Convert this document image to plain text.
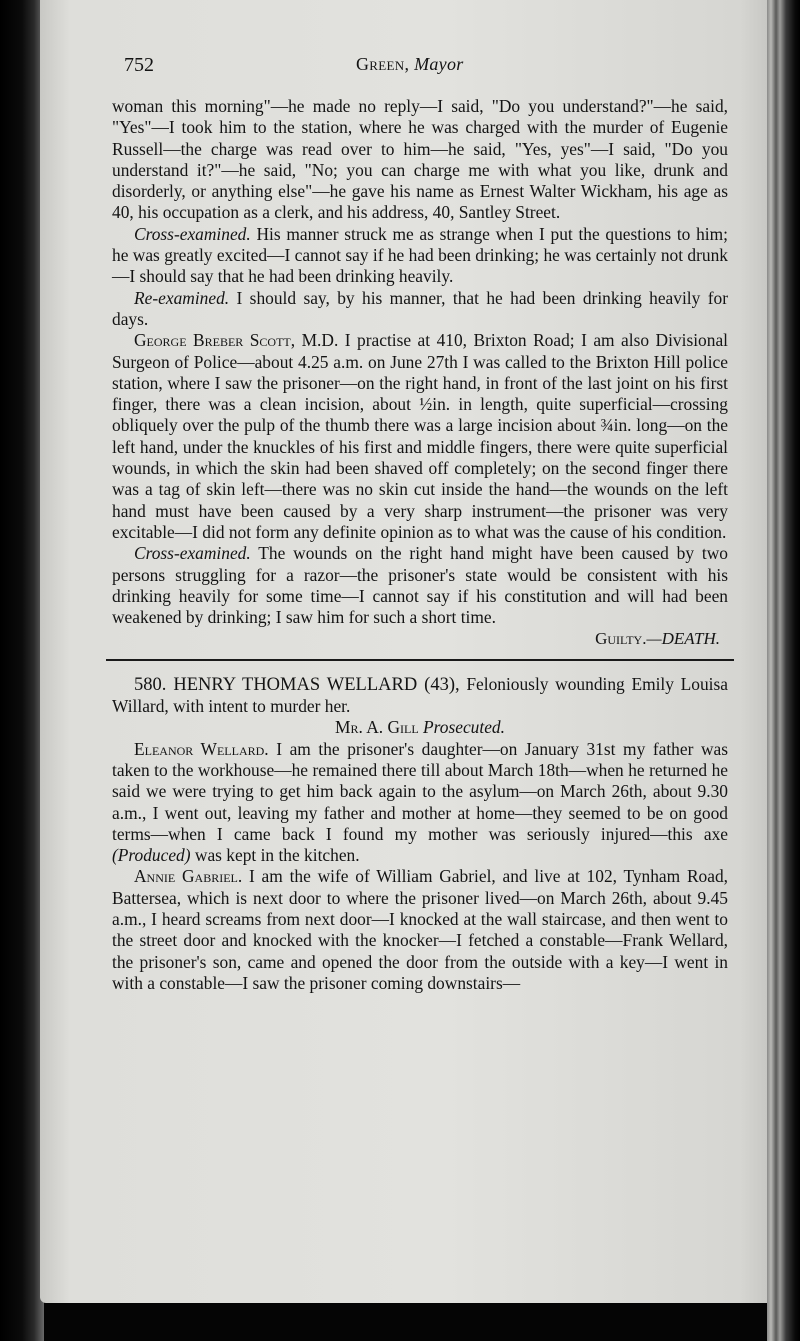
752	Green, Mayor

woman this morning"—he made no reply—I said, "Do you understand?"—he said, "Yes"—I took him to the station, where he was charged with the murder of Eugenie Russell—the charge was read over to him—he said, "Yes, yes"—I said, "Do you understand it?"—he said, "No; you can charge me with what you like, drunk and disorderly, or anything else"—he gave his name as Ernest Walter Wickham, his age as 40, his occupation as a clerk, and his address, 40, Santley Street.

Cross-examined. His manner struck me as strange when I put the questions to him; he was greatly excited—I cannot say if he had been drinking; he was certainly not drunk—I should say that he had been drinking heavily.

Re-examined. I should say, by his manner, that he had been drinking heavily for days.

George Breber Scott, M.D. I practise at 410, Brixton Road; I am also Divisional Surgeon of Police—about 4.25 a.m. on June 27th I was called to the Brixton Hill police station, where I saw the prisoner—on the right hand, in front of the last joint on his first finger, there was a clean incision, about ½in. in length, quite superficial—crossing obliquely over the pulp of the thumb there was a large incision about ¾in. long—on the left hand, under the knuckles of his first and middle fingers, there were quite superficial wounds, in which the skin had been shaved off completely; on the second finger there was a tag of skin left—there was no skin cut inside the hand—the wounds on the left hand must have been caused by a very sharp instrument—the prisoner was very excitable—I did not form any definite opinion as to what was the cause of his condition.

Cross-examined. The wounds on the right hand might have been caused by two persons struggling for a razor—the prisoner's state would be consistent with his drinking heavily for some time—I cannot say if his constitution and will had been weakened by drinking; I saw him for such a short time.

Guilty.—DEATH.

580. HENRY THOMAS WELLARD (43), Feloniously wounding Emily Louisa Willard, with intent to murder her.

Mr. A. Gill Prosecuted.

Eleanor Wellard. I am the prisoner's daughter—on January 31st my father was taken to the workhouse—he remained there till about March 18th—when he returned he said we were trying to get him back again to the asylum—on March 26th, about 9.30 a.m., I went out, leaving my father and mother at home—they seemed to be on good terms—when I came back I found my mother was seriously injured—this axe (Produced) was kept in the kitchen.

Annie Gabriel. I am the wife of William Gabriel, and live at 102, Tynham Road, Battersea, which is next door to where the prisoner lived—on March 26th, about 9.45 a.m., I heard screams from next door—I knocked at the wall staircase, and then went to the street door and knocked with the knocker—I fetched a constable—Frank Wellard, the prisoner's son, came and opened the door from the outside with a key—I went in with a constable—I saw the prisoner coming downstairs—
